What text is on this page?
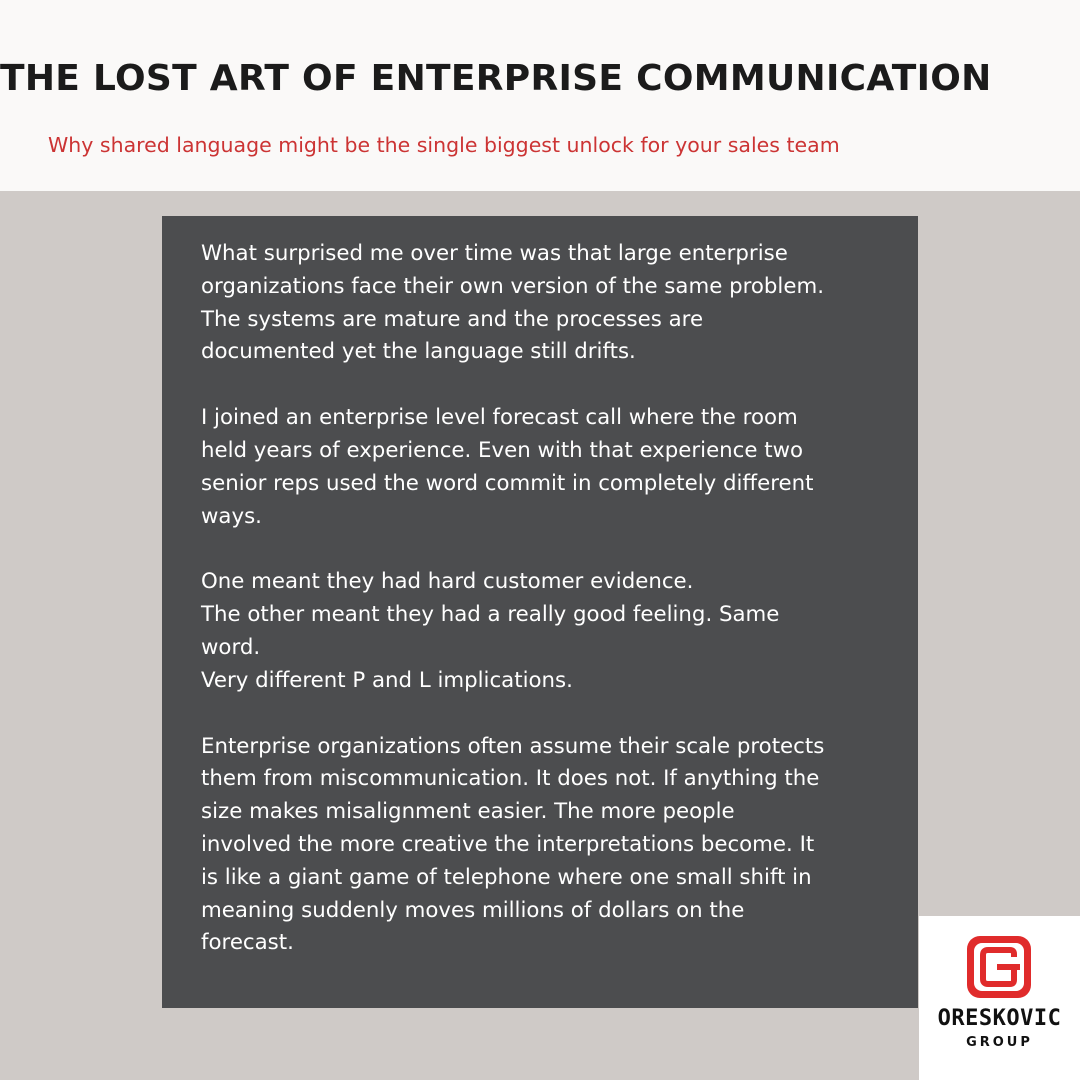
THE LOST ART OF ENTERPRISE COMMUNICATION

Why shared language might be the single biggest unlock for your sales team

What surprised me over time was that large enterprise
organizations face their own version of the same problem.
The systems are mature and the processes are
documented yet the language still drifts.

I joined an enterprise level forecast call where the room
held years of experience. Even with that experience two
senior reps used the word commit in completely different
ways.

One meant they had hard customer evidence.
The other meant they had a really good feeling. Same
word.
Very different P and L implications.

Enterprise organizations often assume their scale protects
them from miscommunication. It does not. If anything the
size makes misalignment easier. The more people
involved the more creative the interpretations become. It
is like a giant game of telephone where one small shift in
meaning suddenly moves millions of dollars on the
forecast.

ORESKOVIC
GROUP
